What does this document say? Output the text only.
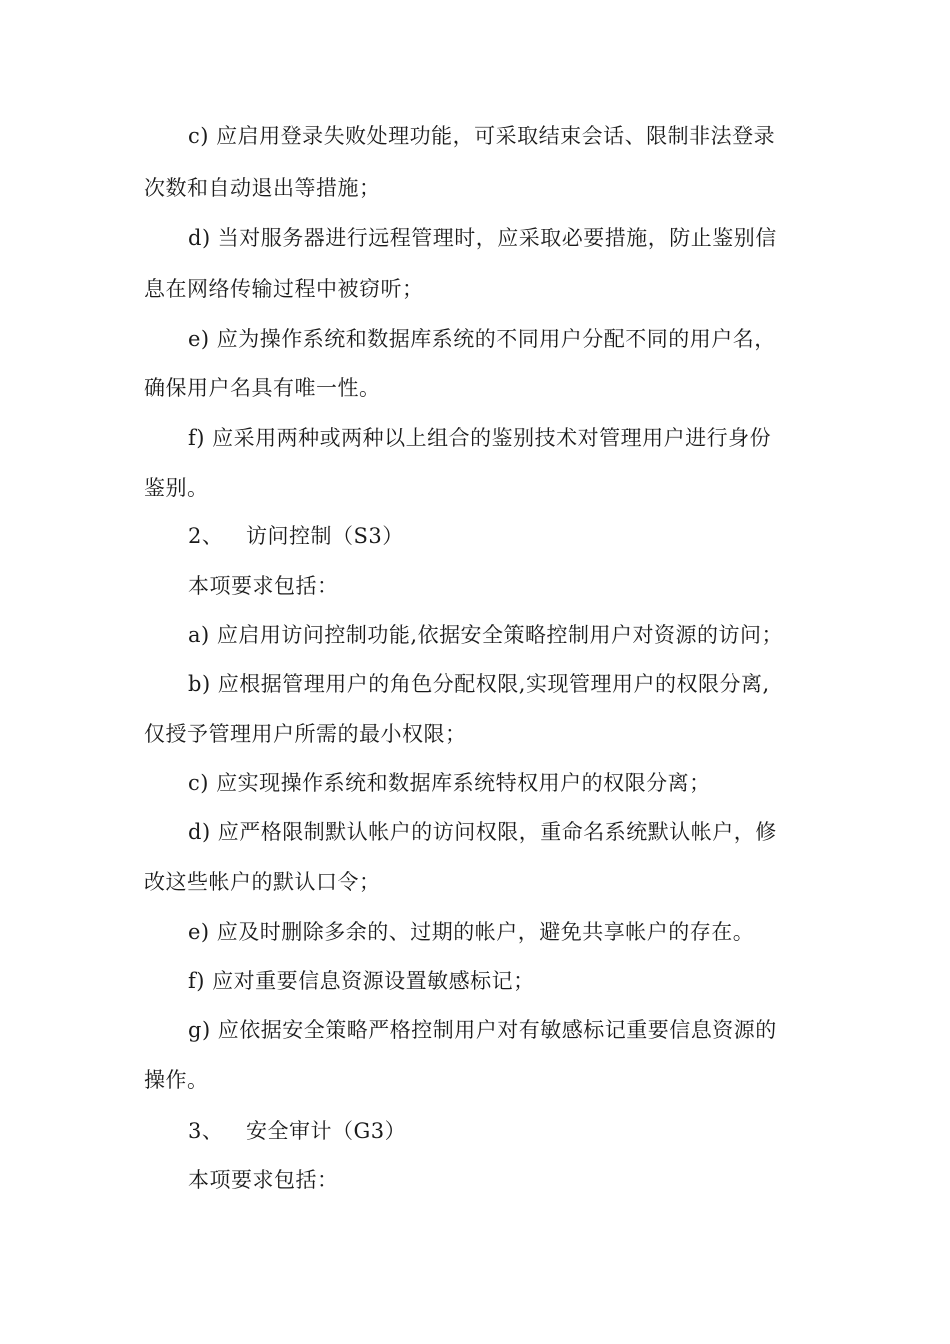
c) 应启用登录失败处理功能，可采取结束会话、限制非法登录
次数和自动退出等措施；
d) 当对服务器进行远程管理时，应采取必要措施，防止鉴别信
息在网络传输过程中被窃听；
e) 应为操作系统和数据库系统的不同用户分配不同的用户名，
确保用户名具有唯一性。
f) 应采用两种或两种以上组合的鉴别技术对管理用户进行身份
鉴别。
2、 访问控制（S3）
本项要求包括：
a) 应启用访问控制功能,依据安全策略控制用户对资源的访问；
b) 应根据管理用户的角色分配权限,实现管理用户的权限分离,
仅授予管理用户所需的最小权限；
c) 应实现操作系统和数据库系统特权用户的权限分离；
d) 应严格限制默认帐户的访问权限，重命名系统默认帐户，修
改这些帐户的默认口令；
e) 应及时删除多余的、过期的帐户，避免共享帐户的存在。
f) 应对重要信息资源设置敏感标记；
g) 应依据安全策略严格控制用户对有敏感标记重要信息资源的
操作。
3、 安全审计（G3）
本项要求包括：
